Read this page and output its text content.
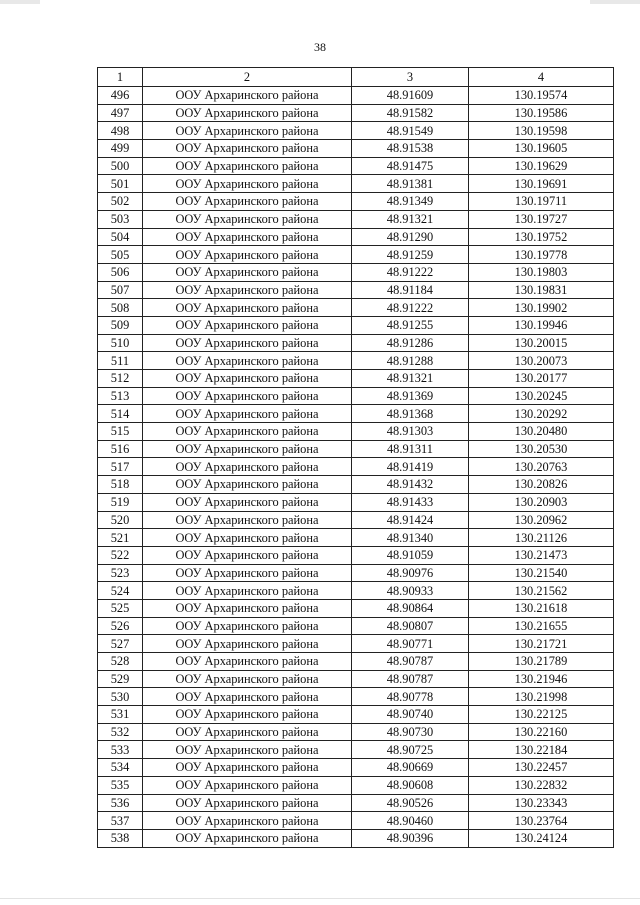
38
1	2	3	4
496	ООУ Архаринского района	48.91609	130.19574
497	ООУ Архаринского района	48.91582	130.19586
498	ООУ Архаринского района	48.91549	130.19598
499	ООУ Архаринского района	48.91538	130.19605
500	ООУ Архаринского района	48.91475	130.19629
501	ООУ Архаринского района	48.91381	130.19691
502	ООУ Архаринского района	48.91349	130.19711
503	ООУ Архаринского района	48.91321	130.19727
504	ООУ Архаринского района	48.91290	130.19752
505	ООУ Архаринского района	48.91259	130.19778
506	ООУ Архаринского района	48.91222	130.19803
507	ООУ Архаринского района	48.91184	130.19831
508	ООУ Архаринского района	48.91222	130.19902
509	ООУ Архаринского района	48.91255	130.19946
510	ООУ Архаринского района	48.91286	130.20015
511	ООУ Архаринского района	48.91288	130.20073
512	ООУ Архаринского района	48.91321	130.20177
513	ООУ Архаринского района	48.91369	130.20245
514	ООУ Архаринского района	48.91368	130.20292
515	ООУ Архаринского района	48.91303	130.20480
516	ООУ Архаринского района	48.91311	130.20530
517	ООУ Архаринского района	48.91419	130.20763
518	ООУ Архаринского района	48.91432	130.20826
519	ООУ Архаринского района	48.91433	130.20903
520	ООУ Архаринского района	48.91424	130.20962
521	ООУ Архаринского района	48.91340	130.21126
522	ООУ Архаринского района	48.91059	130.21473
523	ООУ Архаринского района	48.90976	130.21540
524	ООУ Архаринского района	48.90933	130.21562
525	ООУ Архаринского района	48.90864	130.21618
526	ООУ Архаринского района	48.90807	130.21655
527	ООУ Архаринского района	48.90771	130.21721
528	ООУ Архаринского района	48.90787	130.21789
529	ООУ Архаринского района	48.90787	130.21946
530	ООУ Архаринского района	48.90778	130.21998
531	ООУ Архаринского района	48.90740	130.22125
532	ООУ Архаринского района	48.90730	130.22160
533	ООУ Архаринского района	48.90725	130.22184
534	ООУ Архаринского района	48.90669	130.22457
535	ООУ Архаринского района	48.90608	130.22832
536	ООУ Архаринского района	48.90526	130.23343
537	ООУ Архаринского района	48.90460	130.23764
538	ООУ Архаринского района	48.90396	130.24124
